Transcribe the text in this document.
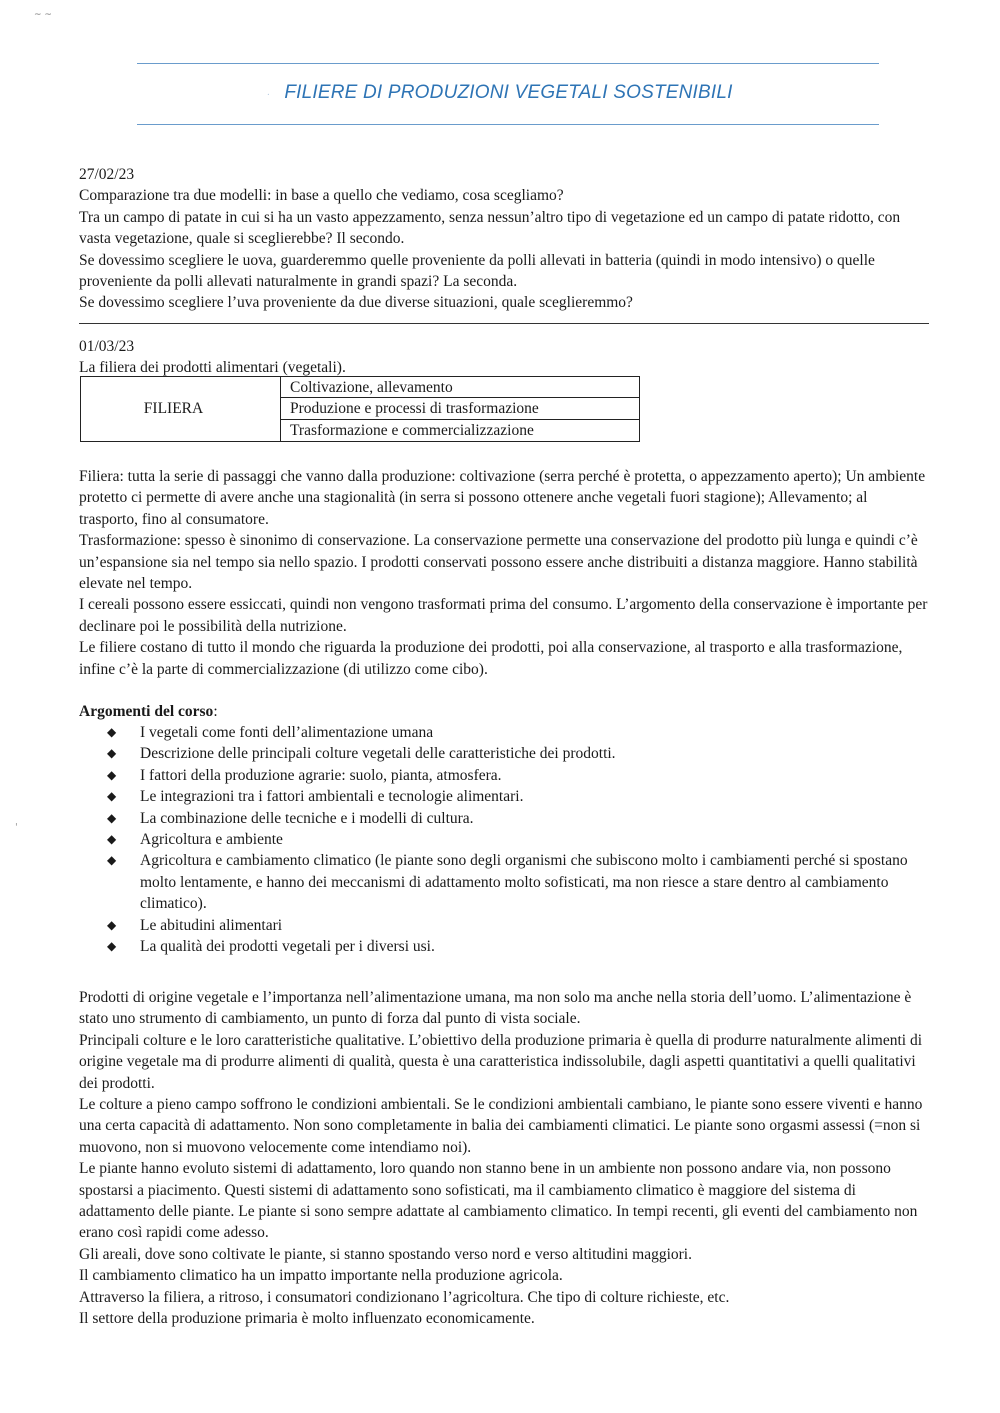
~ ~
'
. FILIERE DI PRODUZIONI VEGETALI SOSTENIBILI

27/02/23

Comparazione tra due modelli: in base a quello che vediamo, cosa scegliamo?

Tra un campo di patate in cui si ha un vasto appezzamento, senza nessun’altro tipo di vegetazione ed un campo di patate ridotto, con vasta vegetazione, quale si sceglierebbe? Il secondo.

Se dovessimo scegliere le uova, guarderemmo quelle proveniente da polli allevati in batteria (quindi in modo intensivo) o quelle proveniente da polli allevati naturalmente in grandi spazi? La seconda.

Se dovessimo scegliere l’uva proveniente da due diverse situazioni, quale sceglieremmo?

01/03/23

La filiera dei prodotti alimentari (vegetali).

FILIERA
Coltivazione, allevamento
Produzione e processi di trasformazione
Trasformazione e commercializzazione

Filiera: tutta la serie di passaggi che vanno dalla produzione: coltivazione (serra perché è protetta, o appezzamento aperto); Un ambiente protetto ci permette di avere anche una stagionalità (in serra si possono ottenere anche vegetali fuori stagione); Allevamento; al trasporto, fino al consumatore.

Trasformazione: spesso è sinonimo di conservazione. La conservazione permette una conservazione del prodotto più lunga e quindi c’è un’espansione sia nel tempo sia nello spazio. I prodotti conservati possono essere anche distribuiti a distanza maggiore. Hanno stabilità elevate nel tempo.

I cereali possono essere essiccati, quindi non vengono trasformati prima del consumo. L’argomento della conservazione è importante per declinare poi le possibilità della nutrizione.

Le filiere costano di tutto il mondo che riguarda la produzione dei prodotti, poi alla conservazione, al trasporto e alla trasformazione, infine c’è la parte di commercializzazione (di utilizzo come cibo).

Argomenti del corso:
◆ I vegetali come fonti dell’alimentazione umana
◆ Descrizione delle principali colture vegetali delle caratteristiche dei prodotti.
◆ I fattori della produzione agrarie: suolo, pianta, atmosfera.
◆ Le integrazioni tra i fattori ambientali e tecnologie alimentari.
◆ La combinazione delle tecniche e i modelli di cultura.
◆ Agricoltura e ambiente
◆ Agricoltura e cambiamento climatico (le piante sono degli organismi che subiscono molto i cambiamenti perché si spostano molto lentamente, e hanno dei meccanismi di adattamento molto sofisticati, ma non riesce a stare dentro al cambiamento climatico).
◆ Le abitudini alimentari
◆ La qualità dei prodotti vegetali per i diversi usi.

Prodotti di origine vegetale e l’importanza nell’alimentazione umana, ma non solo ma anche nella storia dell’uomo. L’alimentazione è stato uno strumento di cambiamento, un punto di forza dal punto di vista sociale.

Principali colture e le loro caratteristiche qualitative. L’obiettivo della produzione primaria è quella di produrre naturalmente alimenti di origine vegetale ma di produrre alimenti di qualità, questa è una caratteristica indissolubile, dagli aspetti quantitativi a quelli qualitativi dei prodotti.

Le colture a pieno campo soffrono le condizioni ambientali. Se le condizioni ambientali cambiano, le piante sono essere viventi e hanno una certa capacità di adattamento. Non sono completamente in balia dei cambiamenti climatici. Le piante sono orgasmi assessi (=non si muovono, non si muovono velocemente come intendiamo noi).

Le piante hanno evoluto sistemi di adattamento, loro quando non stanno bene in un ambiente non possono andare via, non possono spostarsi a piacimento. Questi sistemi di adattamento sono sofisticati, ma il cambiamento climatico è maggiore del sistema di adattamento delle piante. Le piante si sono sempre adattate al cambiamento climatico. In tempi recenti, gli eventi del cambiamento non erano così rapidi come adesso.

Gli areali, dove sono coltivate le piante, si stanno spostando verso nord e verso altitudini maggiori.

Il cambiamento climatico ha un impatto importante nella produzione agricola.

Attraverso la filiera, a ritroso, i consumatori condizionano l’agricoltura. Che tipo di colture richieste, etc.

Il settore della produzione primaria è molto influenzato economicamente.
